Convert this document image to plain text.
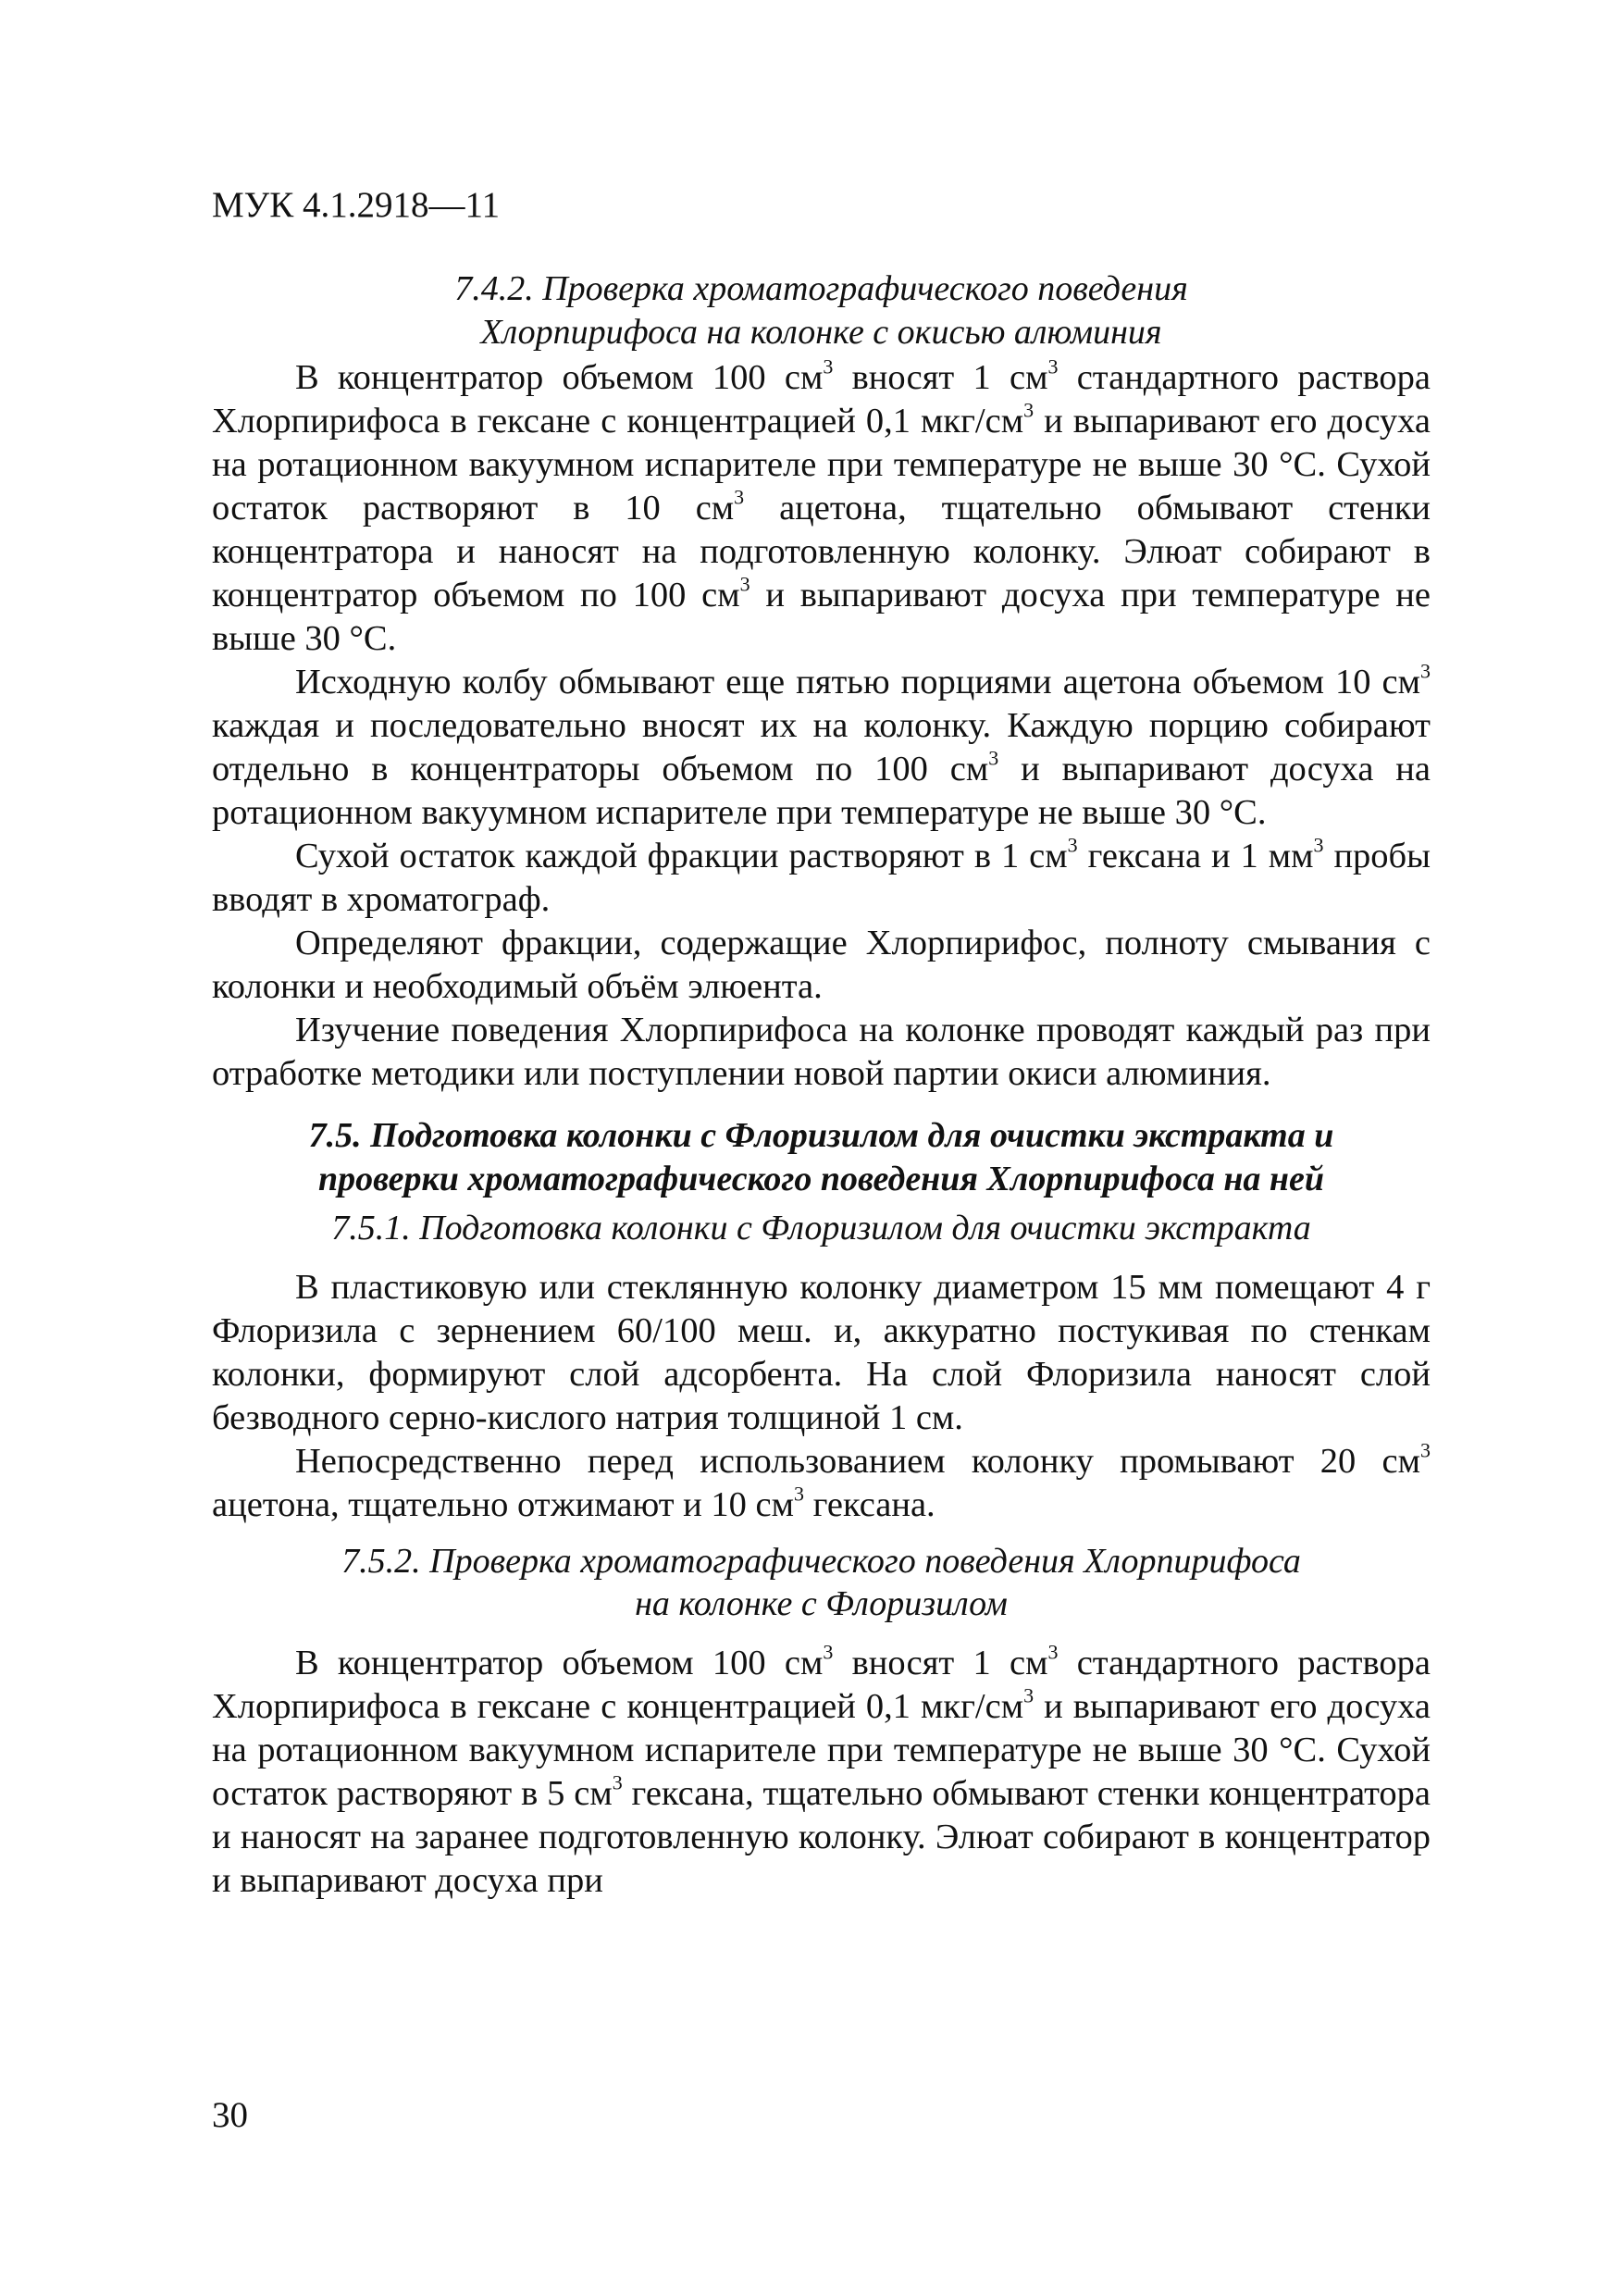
МУК 4.1.2918—11

7.4.2. Проверка хроматографического поведения
Хлорпирифоса на колонке с окисью алюминия

В концентратор объемом 100 $см^3$ вносят 1 $см^3$ стандартного раствора Хлорпирифоса в гексане с концентрацией 0,1 мкг/$см^3$ и выпаривают его досуха на ротационном вакуумном испарителе при температуре не выше 30 °С. Сухой остаток растворяют в 10 $см^3$ ацетона, тщательно обмывают стенки концентратора и наносят на подготовленную колонку. Элюат собирают в концентратор объемом по 100 $см^3$ и выпаривают досуха при температуре не выше 30 °С.

Исходную колбу обмывают еще пятью порциями ацетона объемом 10 $см^3$ каждая и последовательно вносят их на колонку. Каждую порцию собирают отдельно в концентраторы объемом по 100 $см^3$ и выпаривают досуха на ротационном вакуумном испарителе при температуре не выше 30 °С.

Сухой остаток каждой фракции растворяют в 1 $см^3$ гексана и 1 $мм^3$ пробы вводят в хроматограф.

Определяют фракции, содержащие Хлорпирифос, полноту смывания с колонки и необходимый объём элюента.

Изучение поведения Хлорпирифоса на колонке проводят каждый раз при отработке методики или поступлении новой партии окиси алюминия.

7.5. Подготовка колонки с Флоризилом для очистки экстракта и
проверки хроматографического поведения Хлорпирифоса на ней
7.5.1. Подготовка колонки с Флоризилом для очистки экстракта

В пластиковую или стеклянную колонку диаметром 15 мм помещают 4 г Флоризила с зернением 60/100 меш. и, аккуратно постукивая по стенкам колонки, формируют слой адсорбента. На слой Флоризила наносят слой безводного серно-кислого натрия толщиной 1 см.

Непосредственно перед использованием колонку промывают 20 $см^3$ ацетона, тщательно отжимают и 10 $см^3$ гексана.

7.5.2. Проверка хроматографического поведения Хлорпирифоса
на колонке с Флоризилом

В концентратор объемом 100 $см^3$ вносят 1 $см^3$ стандартного раствора Хлорпирифоса в гексане с концентрацией 0,1 мкг/$см^3$ и выпаривают его досуха на ротационном вакуумном испарителе при температуре не выше 30 °С. Сухой остаток растворяют в 5 $см^3$ гексана, тщательно обмывают стенки концентратора и наносят на заранее подготовленную колонку. Элюат собирают в концентратор и выпаривают досуха при

30
